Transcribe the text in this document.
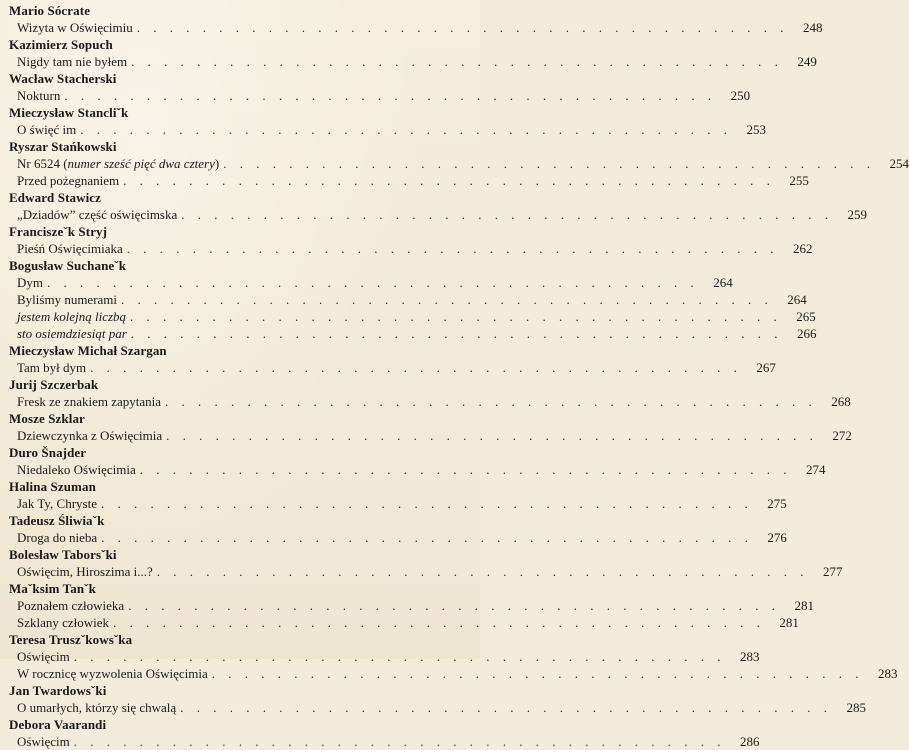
Mario Sócrate
Wizyta w Oświęcimiu . . . . . . . . . . . . . . . . . . . . . . . . . . . . . . . . . . . . . . . .	248
Kazimierz Sopuch
Nigdy tam nie byłem . . . . . . . . . . . . . . . . . . . . . . . . . . . . . . . . . . . . . . . .	249
Wacław Stacherski
Nokturn . . . . . . . . . . . . . . . . . . . . . . . . . . . . . . . . . . . . . . . .	250
Mieczysław Stancliˇk
O święć im . . . . . . . . . . . . . . . . . . . . . . . . . . . . . . . . . . . . . . . .	253
Ryszar Stańkowski
Nr 6524 (numer sześć pięć dwa cztery) . . . . . . . . . . . . . . . . . . . . . . . . . . . . . . . . . . . . . . . .	254
Przed pożegnaniem . . . . . . . . . . . . . . . . . . . . . . . . . . . . . . . . . . . . . . . .	255
Edward Stawicz
„Dziadów” część oświęcimska . . . . . . . . . . . . . . . . . . . . . . . . . . . . . . . . . . . . . . . .	259
Franciszeˇk Stryj
Pieśń Oświęcimiaka . . . . . . . . . . . . . . . . . . . . . . . . . . . . . . . . . . . . . . . .	262
Bogusław Suchaneˇk
Dym . . . . . . . . . . . . . . . . . . . . . . . . . . . . . . . . . . . . . . . .	264
Byliśmy numerami . . . . . . . . . . . . . . . . . . . . . . . . . . . . . . . . . . . . . . . .	264
jestem kolejną liczbą . . . . . . . . . . . . . . . . . . . . . . . . . . . . . . . . . . . . . . . .	265
sto osiemdziesiąt par . . . . . . . . . . . . . . . . . . . . . . . . . . . . . . . . . . . . . . . .	266
Mieczysław Michał Szargan
Tam był dym . . . . . . . . . . . . . . . . . . . . . . . . . . . . . . . . . . . . . . . .	267
Jurij Szczerbak
Fresk ze znakiem zapytania . . . . . . . . . . . . . . . . . . . . . . . . . . . . . . . . . . . . . . . .	268
Mosze Szklar
Dziewczynka z Oświęcimia . . . . . . . . . . . . . . . . . . . . . . . . . . . . . . . . . . . . . . . .	272
Duro Šnajder
Niedaleko Oświęcimia . . . . . . . . . . . . . . . . . . . . . . . . . . . . . . . . . . . . . . . .	274
Halina Szuman
Jak Ty, Chryste . . . . . . . . . . . . . . . . . . . . . . . . . . . . . . . . . . . . . . . .	275
Tadeusz Śliwiaˇk
Droga do nieba . . . . . . . . . . . . . . . . . . . . . . . . . . . . . . . . . . . . . . . .	276
Bolesław Taborsˇki
Oświęcim, Hiroszima i...? . . . . . . . . . . . . . . . . . . . . . . . . . . . . . . . . . . . . . . . .	277
Maˇksim Tanˇk
Poznałem człowieka . . . . . . . . . . . . . . . . . . . . . . . . . . . . . . . . . . . . . . . .	281
Szklany człowiek . . . . . . . . . . . . . . . . . . . . . . . . . . . . . . . . . . . . . . . .	281
Teresa Truszˇkowsˇka
Oświęcim . . . . . . . . . . . . . . . . . . . . . . . . . . . . . . . . . . . . . . . .	283
W rocznicę wyzwolenia Oświęcimia . . . . . . . . . . . . . . . . . . . . . . . . . . . . . . . . . . . . . . . .	283
Jan Twardowsˇki
O umarłych, którzy się chwalą . . . . . . . . . . . . . . . . . . . . . . . . . . . . . . . . . . . . . . . .	285
Debora Vaarandi
Oświęcim . . . . . . . . . . . . . . . . . . . . . . . . . . . . . . . . . . . . . . . .	286
